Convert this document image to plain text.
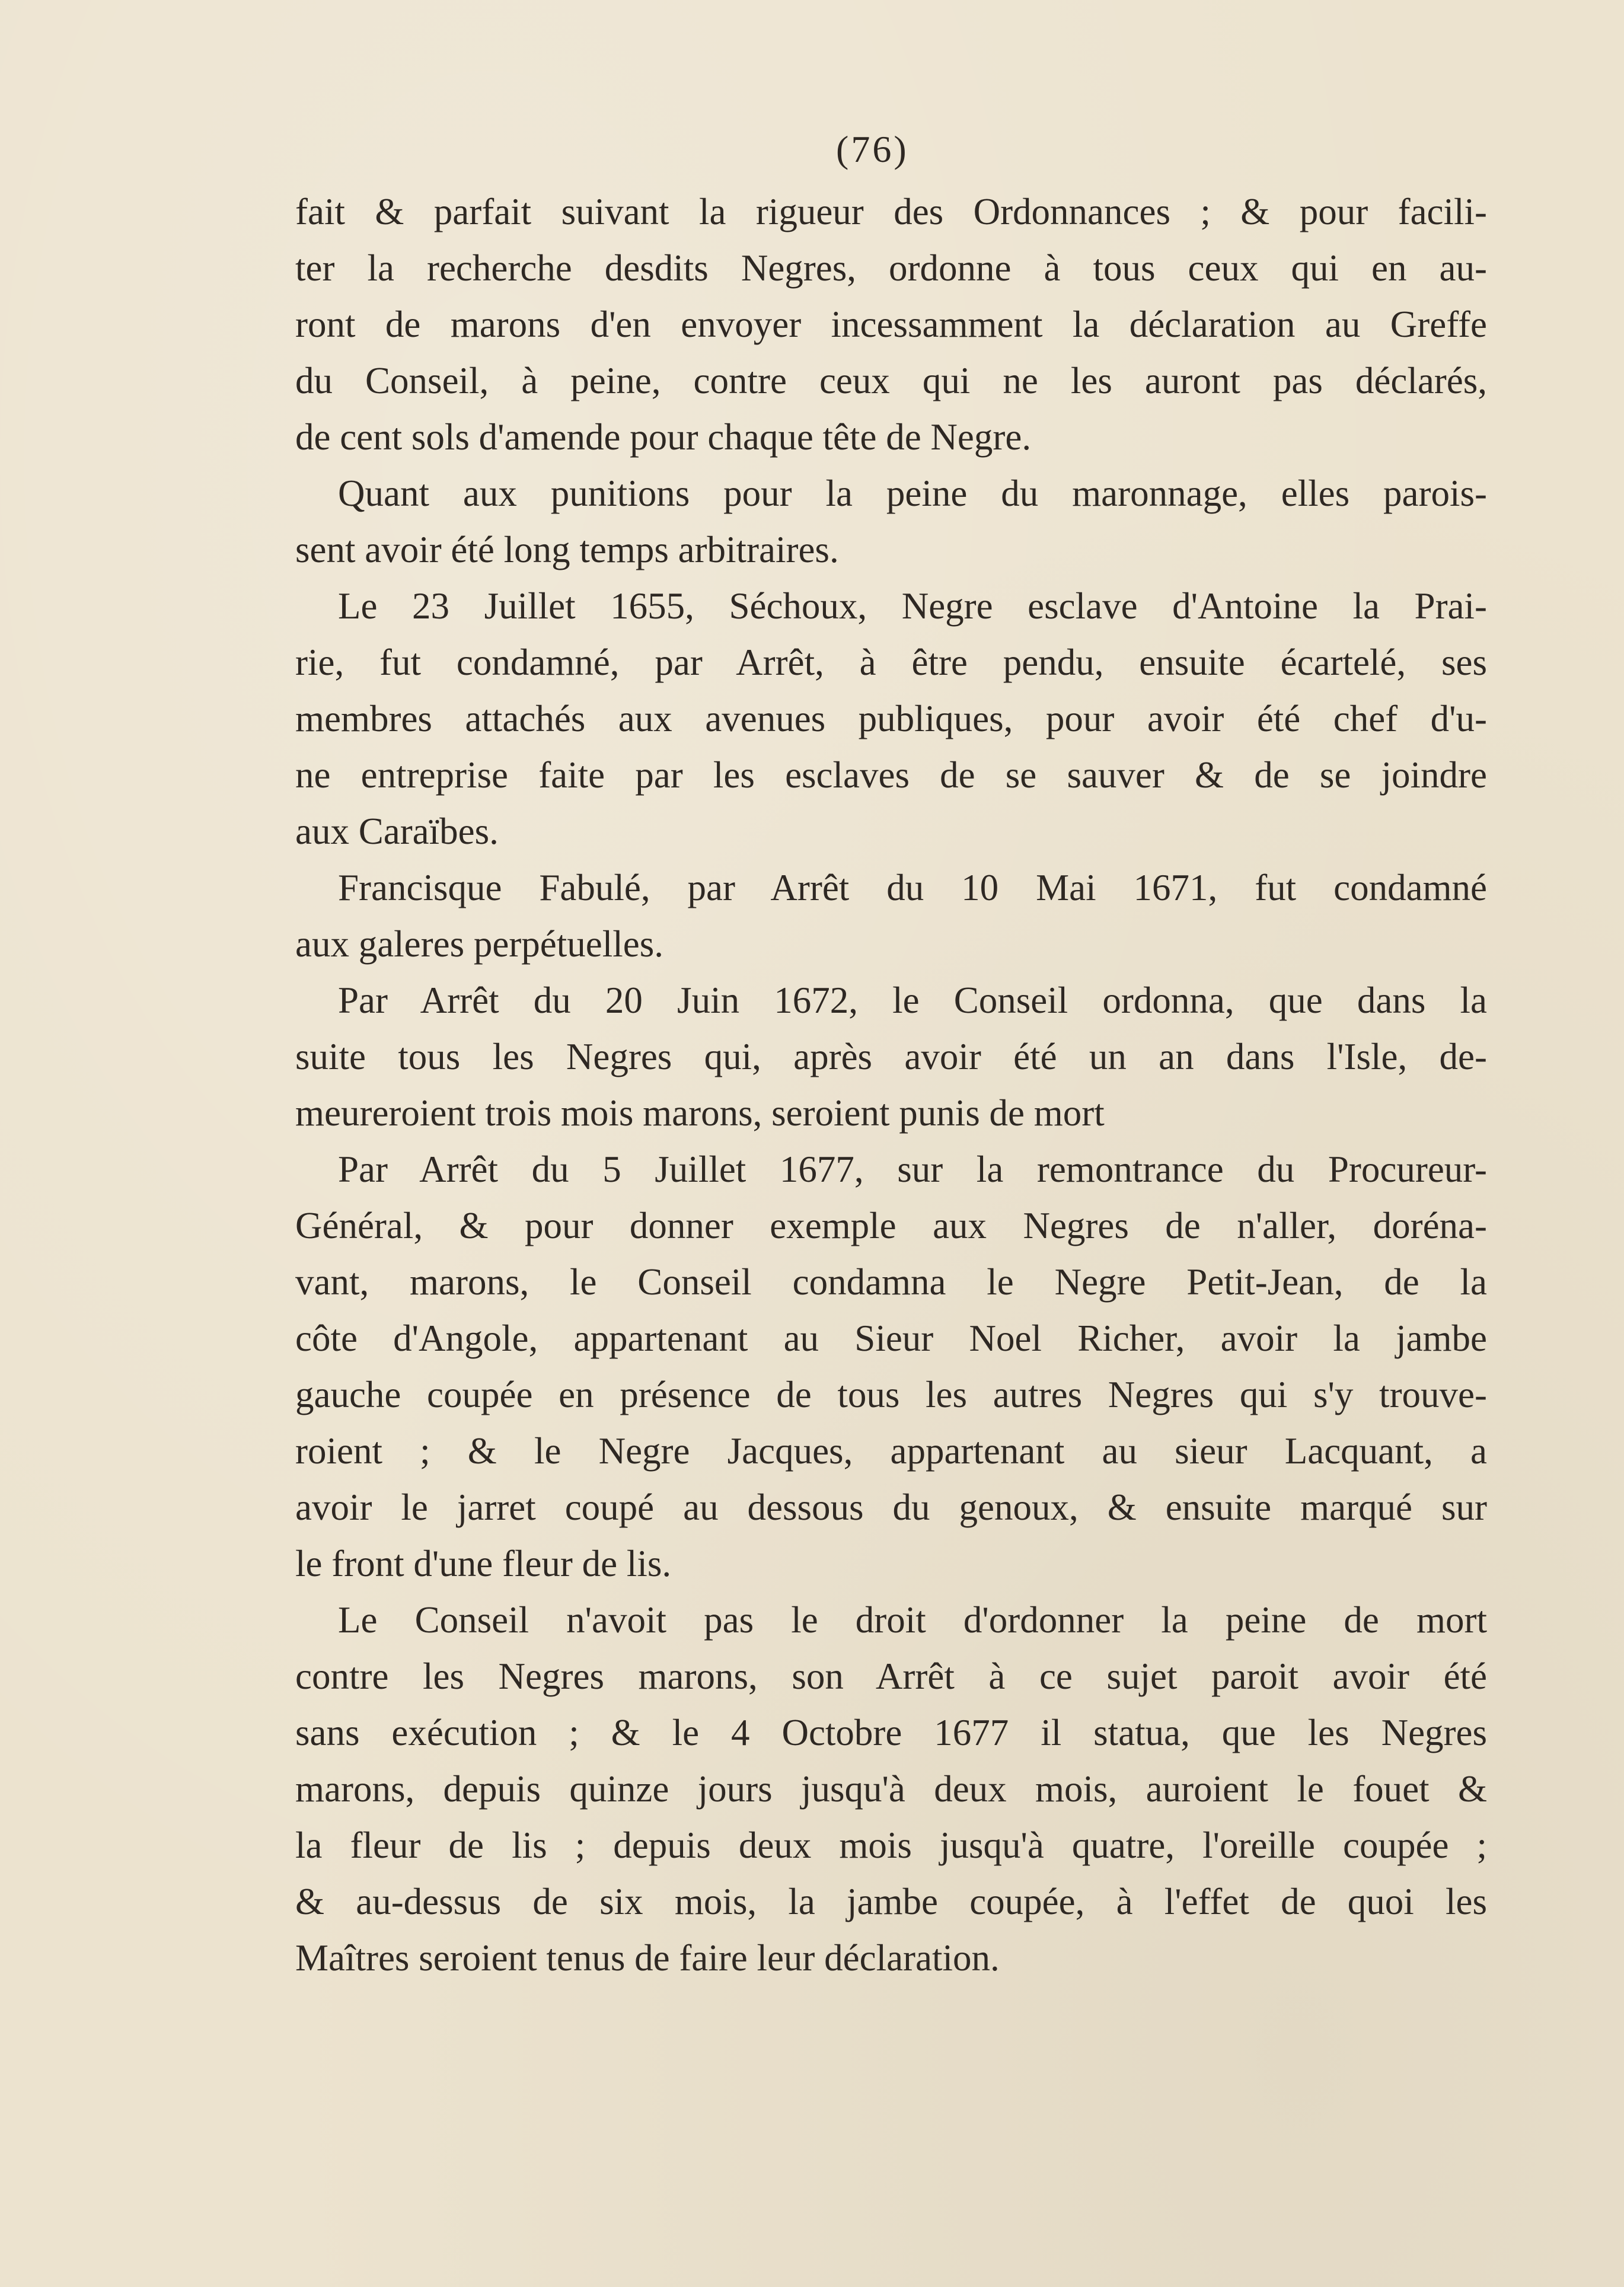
(76)
fait & parfait suivant la rigueur des Ordonnances ; & pour facili-
ter la recherche desdits Negres, ordonne à tous ceux qui en au-
ront de marons d'en envoyer incessamment la déclaration au Greffe
du Conseil, à peine, contre ceux qui ne les auront pas déclarés,
de cent sols d'amende pour chaque tête de Negre.
Quant aux punitions pour la peine du maronnage, elles parois-
sent avoir été long temps arbitraires.
Le 23 Juillet 1655, Séchoux, Negre esclave d'Antoine la Prai-
rie, fut condamné, par Arrêt, à être pendu, ensuite écartelé, ses
membres attachés aux avenues publiques, pour avoir été chef d'u-
ne entreprise faite par les esclaves de se sauver & de se joindre
aux Caraïbes.
Francisque Fabulé, par Arrêt du 10 Mai 1671, fut condamné
aux galeres perpétuelles.
Par Arrêt du 20 Juin 1672, le Conseil ordonna, que dans la
suite tous les Negres qui, après avoir été un an dans l'Isle, de-
meureroient trois mois marons, seroient punis de mort
Par Arrêt du 5 Juillet 1677, sur la remontrance du Procureur-
Général, & pour donner exemple aux Negres de n'aller, doréna-
vant, marons, le Conseil condamna le Negre Petit-Jean, de la
côte d'Angole, appartenant au Sieur Noel Richer, avoir la jambe
gauche coupée en présence de tous les autres Negres qui s'y trouve-
roient ; & le Negre Jacques, appartenant au sieur Lacquant, a
avoir le jarret coupé au dessous du genoux, & ensuite marqué sur
le front d'une fleur de lis.
Le Conseil n'avoit pas le droit d'ordonner la peine de mort
contre les Negres marons, son Arrêt à ce sujet paroit avoir été
sans exécution ; & le 4 Octobre 1677 il statua, que les Negres
marons, depuis quinze jours jusqu'à deux mois, auroient le fouet &
la fleur de lis ; depuis deux mois jusqu'à quatre, l'oreille coupée ;
& au-dessus de six mois, la jambe coupée, à l'effet de quoi les
Maîtres seroient tenus de faire leur déclaration.
